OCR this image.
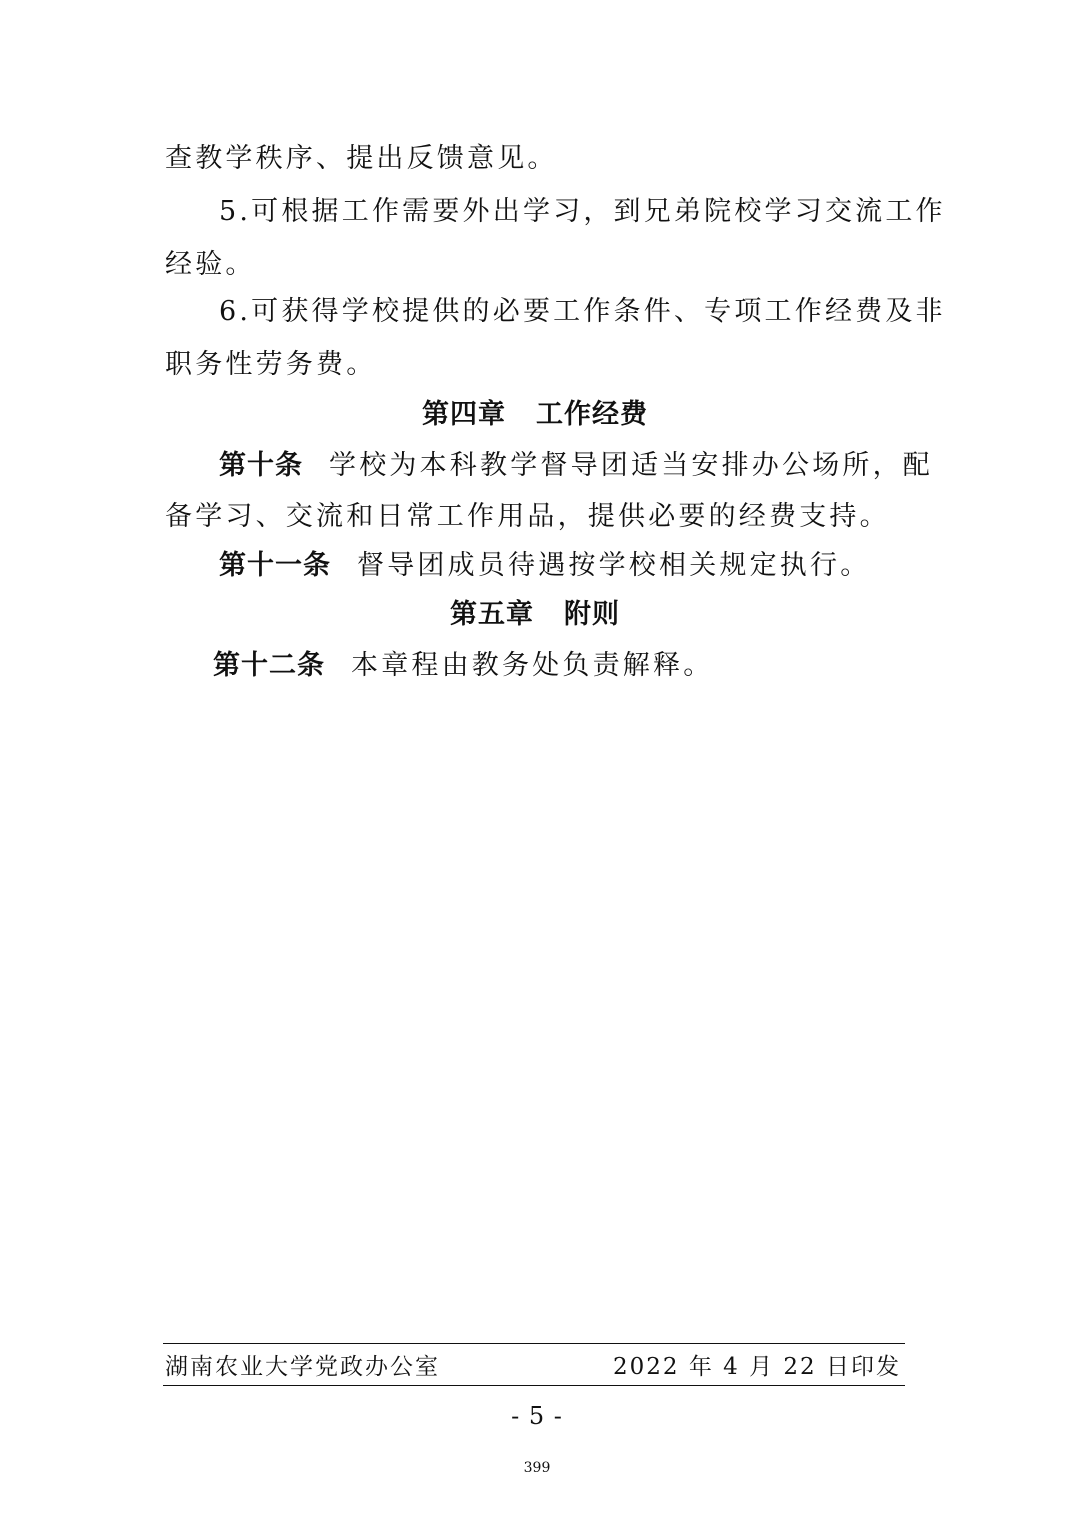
查教学秩序、提出反馈意见。
5.可根据工作需要外出学习，到兄弟院校学习交流工作
经验。
6.可获得学校提供的必要工作条件、专项工作经费及非
职务性劳务费。
第四章 工作经费
第十条 学校为本科教学督导团适当安排办公场所，配
备学习、交流和日常工作用品，提供必要的经费支持。
第十一条 督导团成员待遇按学校相关规定执行。
第五章 附则
第十二条 本章程由教务处负责解释。
湖南农业大学党政办公室	2022 年 4 月 22 日印发
- 5 -
399
